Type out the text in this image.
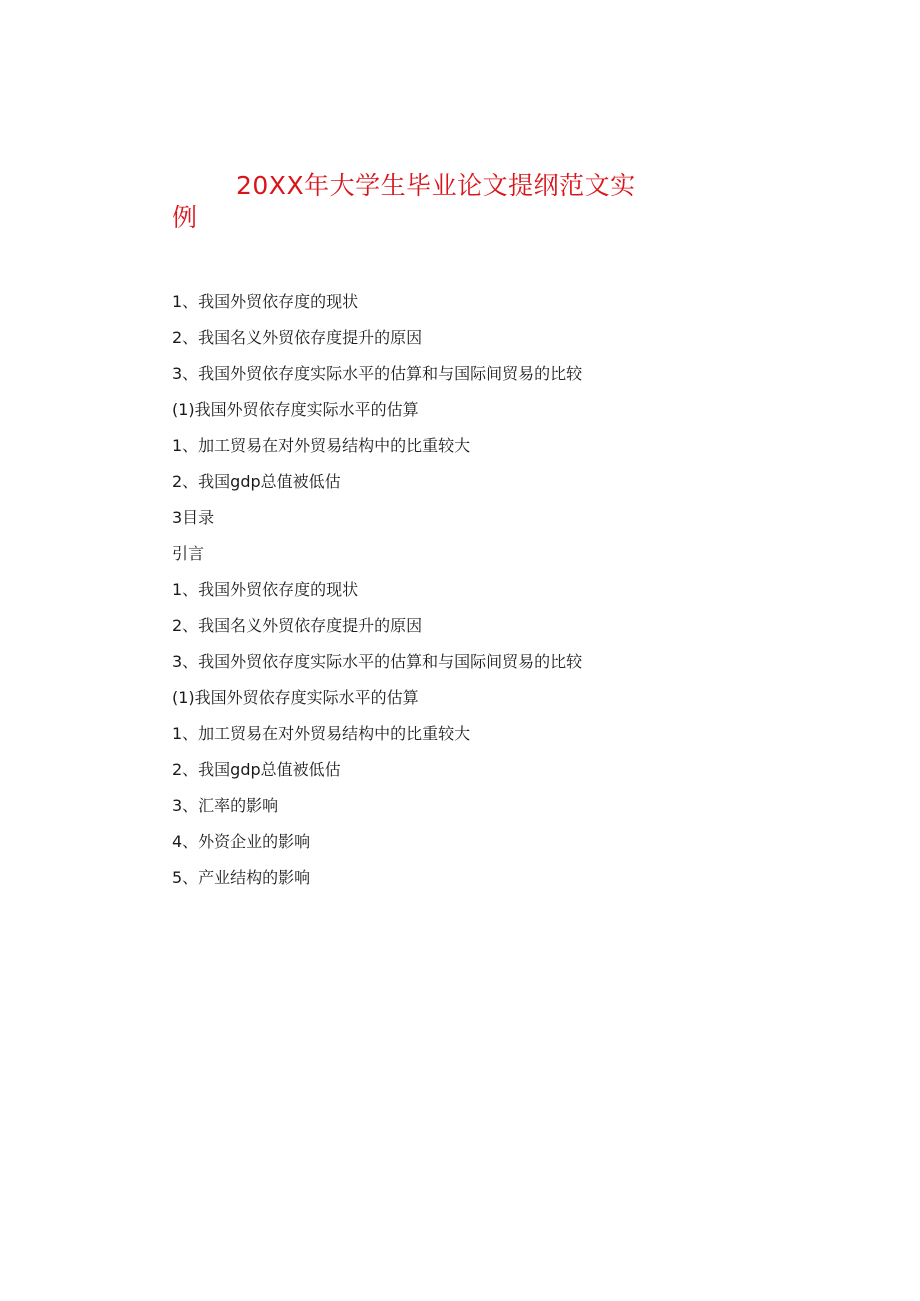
20XX年大学生毕业论文提纲范文实
例
1、我国外贸依存度的现状
2、我国名义外贸依存度提升的原因
3、我国外贸依存度实际水平的估算和与国际间贸易的比较
(1)我国外贸依存度实际水平的估算
1、加工贸易在对外贸易结构中的比重较大
2、我国gdp总值被低估
3目录
引言
1、我国外贸依存度的现状
2、我国名义外贸依存度提升的原因
3、我国外贸依存度实际水平的估算和与国际间贸易的比较
(1)我国外贸依存度实际水平的估算
1、加工贸易在对外贸易结构中的比重较大
2、我国gdp总值被低估
3、汇率的影响
4、外资企业的影响
5、产业结构的影响
